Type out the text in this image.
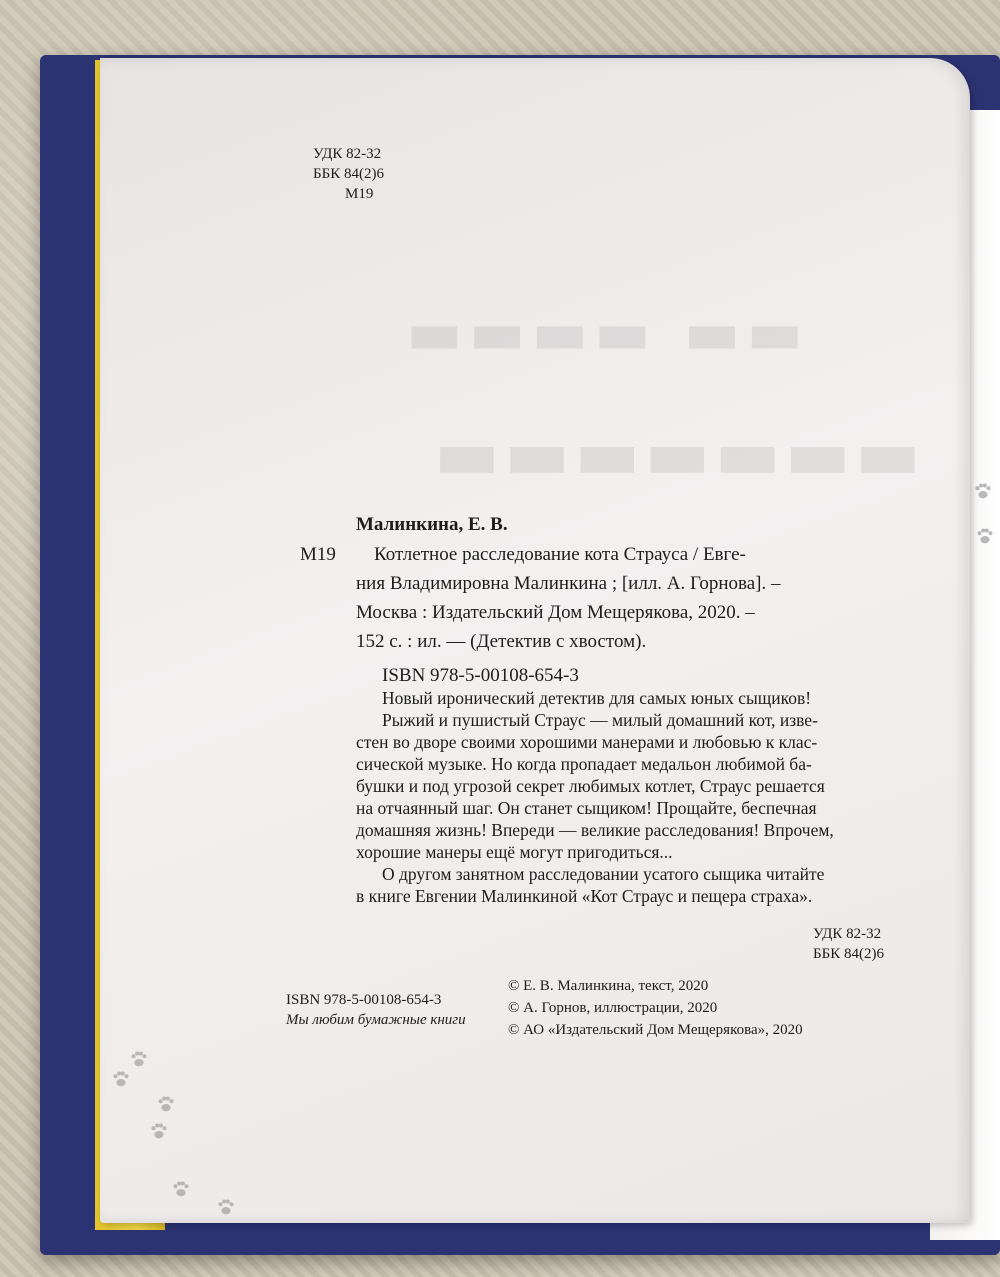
▬▬ ▬▬▬▬
▬▬▬▬▬▬▬
УДК 82-32
ББК 84(2)6
М19
Малинкина, Е. В.
М19 Котлетное расследование кота Страуса / Евге-
ния Владимировна Малинкина ; [илл. А. Горнова]. –
Москва : Издательский Дом Мещерякова, 2020. –
152 с. : ил. — (Детектив с хвостом).
ISBN 978-5-00108-654-3
Новый иронический детектив для самых юных сыщиков!
Рыжий и пушистый Страус — милый домашний кот, изве-
стен во дворе своими хорошими манерами и любовью к клас-
сической музыке. Но когда пропадает медальон любимой ба-
бушки и под угрозой секрет любимых котлет, Страус решается
на отчаянный шаг. Он станет сыщиком! Прощайте, беспечная
домашняя жизнь! Впереди — великие расследования! Впрочем,
хорошие манеры ещё могут пригодиться...
О другом занятном расследовании усатого сыщика читайте
в книге Евгении Малинкиной «Кот Страус и пещера страха».
УДК 82-32
ББК 84(2)6
ISBN 978-5-00108-654-3
Мы любим бумажные книги
© Е. В. Малинкина, текст, 2020
© А. Горнов, иллюстрации, 2020
© АО «Издательский Дом Мещерякова», 2020
